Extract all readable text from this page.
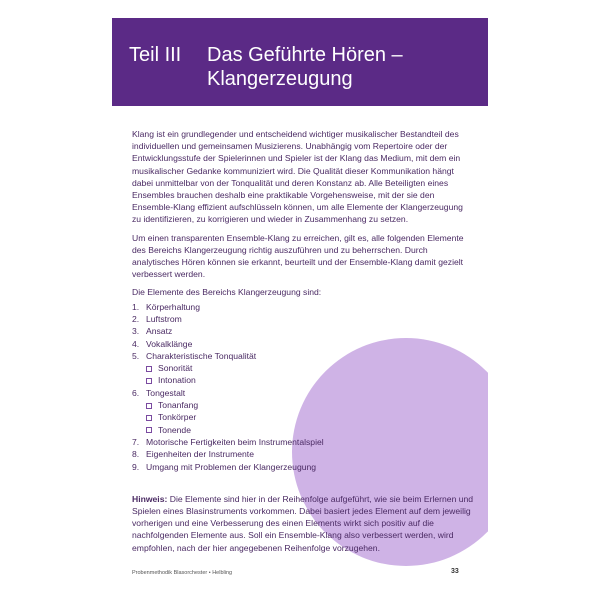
Teil III Das Geführte Hören –
Klangerzeugung

Klang ist ein grundlegender und entscheidend wichtiger musikalischer Bestandteil des individuellen und gemeinsamen Musizierens. Unabhängig vom Repertoire oder der Entwicklungsstufe der Spielerinnen und Spieler ist der Klang das Medium, mit dem ein musikalischer Gedanke kommuniziert wird. Die Qualität dieser Kommunikation hängt dabei unmittelbar von der Tonqualität und deren Konstanz ab. Alle Beteiligten eines Ensembles brauchen deshalb eine praktikable Vorgehensweise, mit der sie den Ensemble-Klang effizient aufschlüsseln können, um alle Elemente der Klangerzeugung zu identifizieren, zu korrigieren und wieder in Zusammenhang zu setzen.

Um einen transparenten Ensemble-Klang zu erreichen, gilt es, alle folgenden Elemente des Bereichs Klangerzeugung richtig auszuführen und zu beherrschen. Durch analytisches Hören können sie erkannt, beurteilt und der Ensemble-Klang damit gezielt verbessert werden.

Die Elemente des Bereichs Klangerzeugung sind:
1. Körperhaltung
2. Luftstrom
3. Ansatz
4. Vokalklänge
5. Charakteristische Tonqualität
Sonorität
Intonation
6. Tongestalt
Tonanfang
Tonkörper
Tonende
7. Motorische Fertigkeiten beim Instrumentalspiel
8. Eigenheiten der Instrumente
9. Umgang mit Problemen der Klangerzeugung

Hinweis: Die Elemente sind hier in der Reihenfolge aufgeführt, wie sie beim Erlernen und Spielen eines Blasinstruments vorkommen. Dabei basiert jedes Element auf dem jeweilig vorherigen und eine Verbesserung des einen Elements wirkt sich positiv auf die nachfolgenden Elemente aus. Soll ein Ensemble-Klang also verbessert werden, wird empfohlen, nach der hier angegebenen Reihenfolge vorzugehen.

Probenmethodik Blasorchester • Helbling	33
